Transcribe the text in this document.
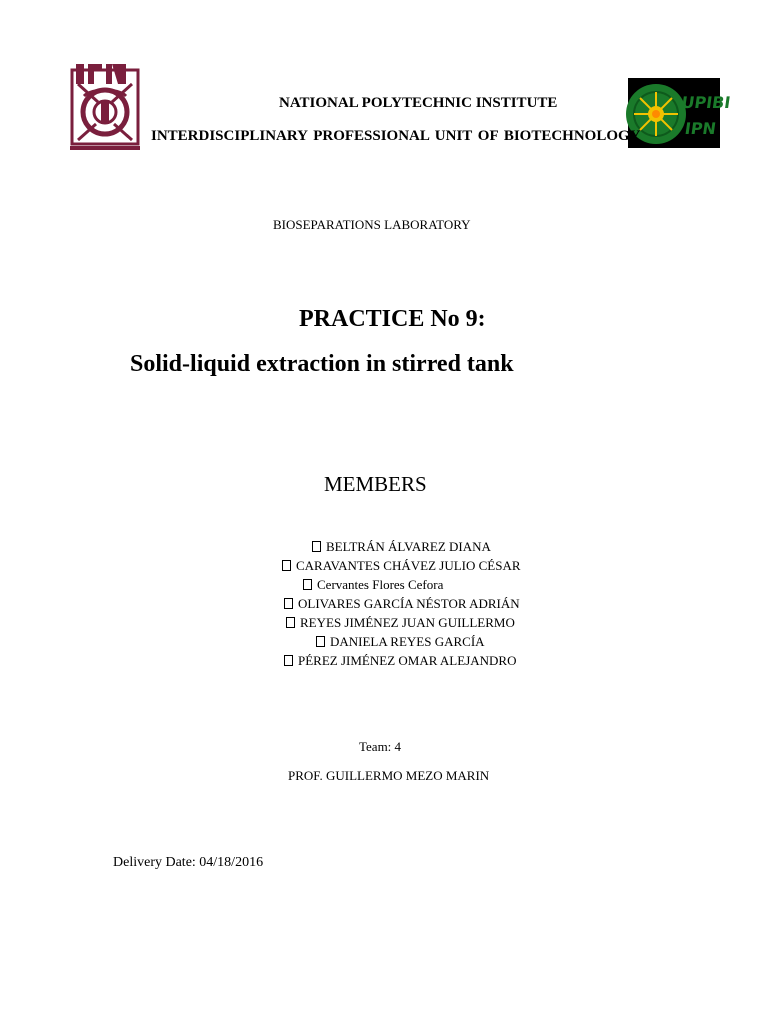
UPIBI
IPN
NATIONAL POLYTECHNIC INSTITUTE
INTERDISCIPLINARY PROFESSIONAL UNIT OF BIOTECHNOLOGY
BIOSEPARATIONS LABORATORY
PRACTICE No 9:
Solid-liquid extraction in stirred tank
MEMBERS
BELTRÁN ÁLVAREZ DIANA
CARAVANTES CHÁVEZ JULIO CÉSAR
Cervantes Flores Cefora
OLIVARES GARCÍA NÉSTOR ADRIÁN
REYES JIMÉNEZ JUAN GUILLERMO
DANIELA REYES GARCÍA
PÉREZ JIMÉNEZ OMAR ALEJANDRO
Team: 4
PROF. GUILLERMO MEZO MARIN
Delivery Date: 04/18/2016
